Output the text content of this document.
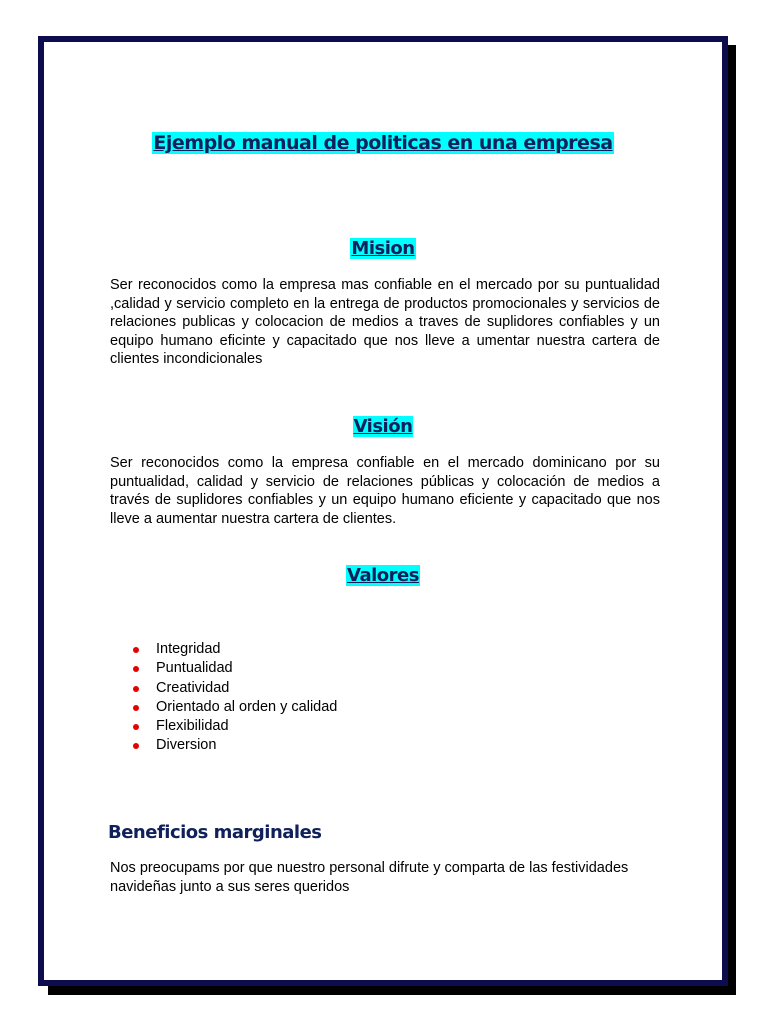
Ejemplo manual de politicas en una empresa
Mision

Ser reconocidos como la empresa mas confiable en el mercado por su puntualidad ,calidad y servicio completo en la entrega de productos promocionales y servicios de relaciones publicas y colocacion de medios a traves de suplidores confiables y un equipo humano eficinte y capacitado que nos lleve a umentar nuestra cartera de clientes incondicionales

Visión

Ser reconocidos como la empresa confiable en el mercado dominicano por su puntualidad, calidad y servicio de relaciones públicas y colocación de medios a través de suplidores confiables y un equipo humano eficiente y capacitado que nos lleve a aumentar nuestra cartera de clientes.

Valores
Integridad
Puntualidad
Creatividad
Orientado al orden y calidad
Flexibilidad
Diversion
Beneficios marginales

Nos preocupams por que nuestro personal difrute y comparta de las festividades navideñas junto a sus seres queridos
